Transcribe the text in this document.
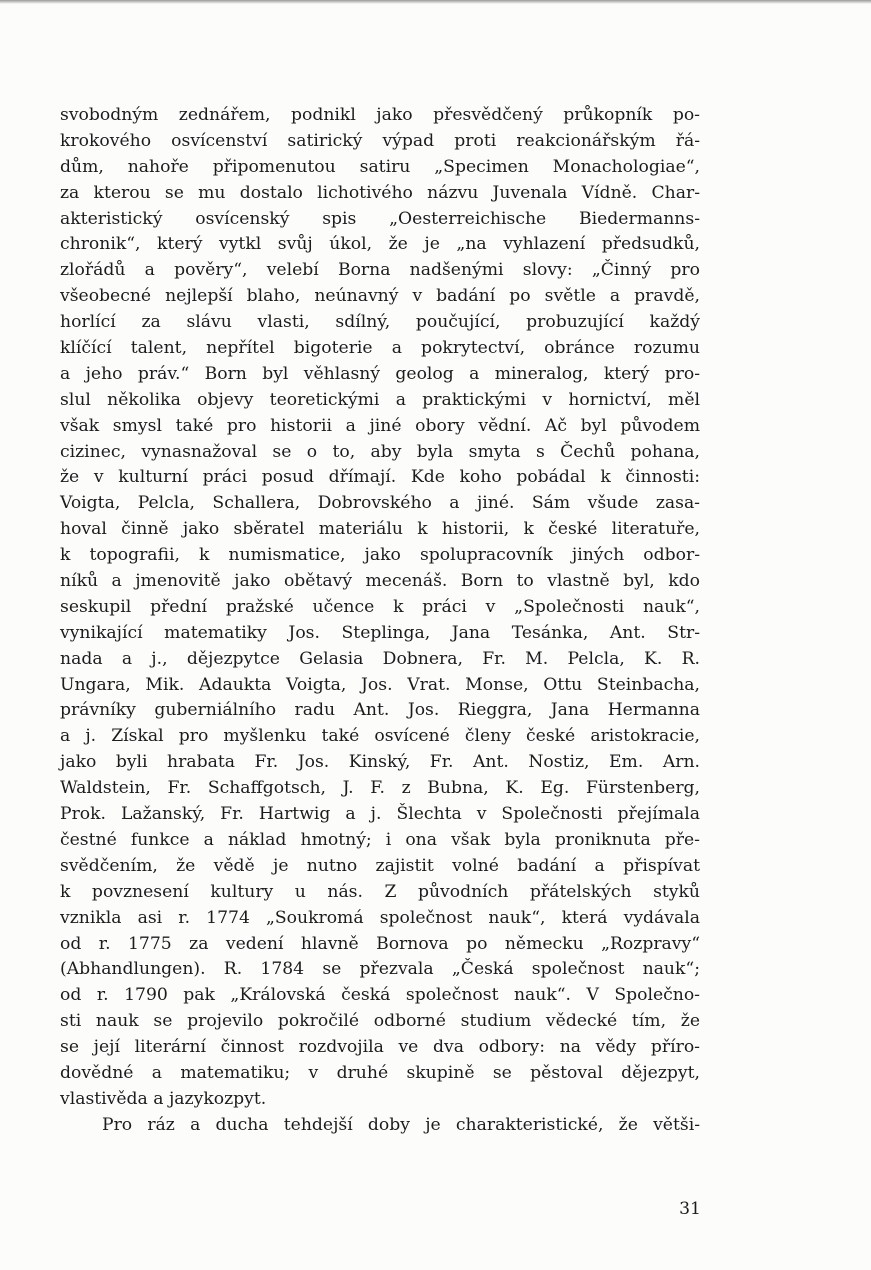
svobodným zednářem, podnikl jako přesvědčený průkopník po-
krokového osvícenství satirický výpad proti reakcionářským řá-
dům, nahoře připomenutou satiru „Specimen Monachologiae“,
za kterou se mu dostalo lichotivého názvu Juvenala Vídně. Char-
akteristický osvícenský spis „Oesterreichische Biedermanns-
chronik“, který vytkl svůj úkol, že je „na vyhlazení předsudků,
zlořádů a pověry“, velebí Borna nadšenými slovy: „Činný pro
všeobecné nejlepší blaho, neúnavný v badání po světle a pravdě,
horlící za slávu vlasti, sdílný, poučující, probuzující každý
klíčící talent, nepřítel bigoterie a pokrytectví, obránce rozumu
a jeho práv.“ Born byl věhlasný geolog a mineralog, který pro-
slul několika objevy teoretickými a praktickými v hornictví, měl
však smysl také pro historii a jiné obory vědní. Ač byl původem
cizinec, vynasnažoval se o to, aby byla smyta s Čechů pohana,
že v kulturní práci posud dřímají. Kde koho pobádal k činnosti:
Voigta, Pelcla, Schallera, Dobrovského a jiné. Sám všude zasa-
hoval činně jako sběratel materiálu k historii, k české literatuře,
k topografii, k numismatice, jako spolupracovník jiných odbor-
níků a jmenovitě jako obětavý mecenáš. Born to vlastně byl, kdo
seskupil přední pražské učence k práci v „Společnosti nauk“,
vynikající matematiky Jos. Steplinga, Jana Tesánka, Ant. Str-
nada a j., dějezpytce Gelasia Dobnera, Fr. M. Pelcla, K. R.
Ungara, Mik. Adaukta Voigta, Jos. Vrat. Monse, Ottu Steinbacha,
právníky guberniálního radu Ant. Jos. Rieggra, Jana Hermanna
a j. Získal pro myšlenku také osvícené členy české aristokracie,
jako byli hrabata Fr. Jos. Kinský, Fr. Ant. Nostiz, Em. Arn.
Waldstein, Fr. Schaffgotsch, J. F. z Bubna, K. Eg. Fürstenberg,
Prok. Lažanský, Fr. Hartwig a j. Šlechta v Společnosti přejímala
čestné funkce a náklad hmotný; i ona však byla proniknuta pře-
svědčením, že vědě je nutno zajistit volné badání a přispívat
k povznesení kultury u nás. Z původních přátelských styků
vznikla asi r. 1774 „Soukromá společnost nauk“, která vydávala
od r. 1775 za vedení hlavně Bornova po německu „Rozpravy“
(Abhandlungen). R. 1784 se přezvala „Česká společnost nauk“;
od r. 1790 pak „Královská česká společnost nauk“. V Společno-
sti nauk se projevilo pokročilé odborné studium vědecké tím, že
se její literární činnost rozdvojila ve dva odbory: na vědy příro-
dovědné a matematiku; v druhé skupině se pěstoval dějezpyt,
vlastivěda a jazykozpyt.
Pro ráz a ducha tehdejší doby je charakteristické, že větši-
31
